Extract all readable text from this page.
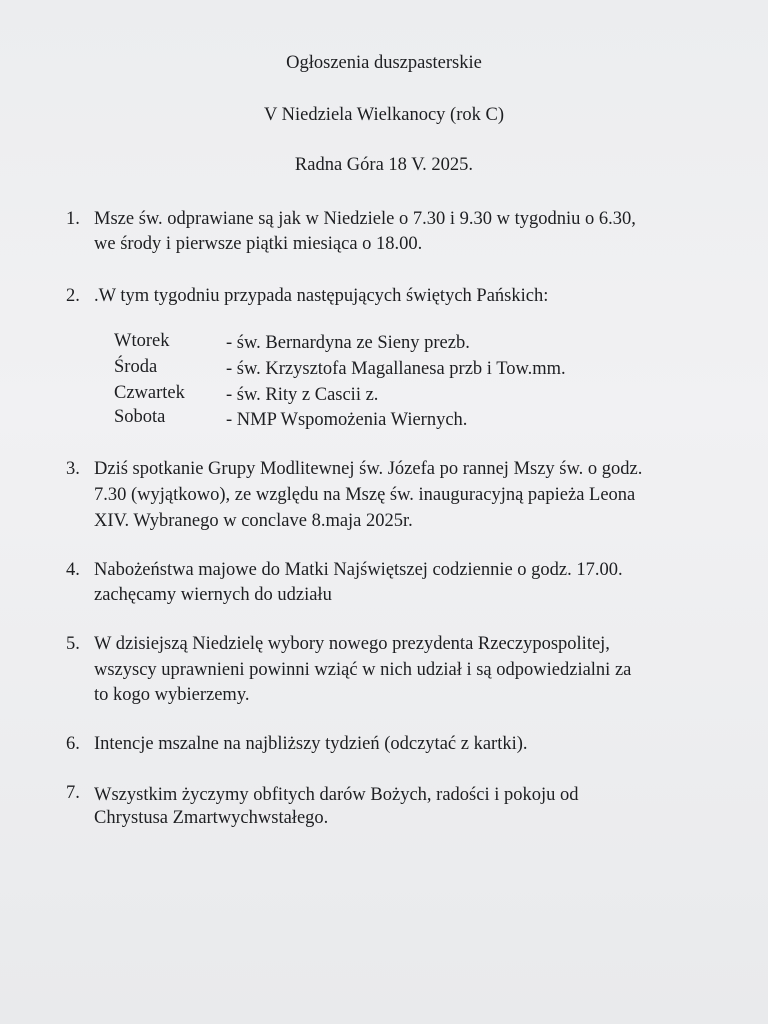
Ogłoszenia duszpasterskie
V Niedziela Wielkanocy (rok C)
Radna Góra 18 V. 2025.
1. Msze św. odprawiane są jak w Niedziele o 7.30 i 9.30 w tygodniu o 6.30,
we środy i pierwsze piątki miesiąca o 18.00.
2. .W tym tygodniu przypada następujących świętych Pańskich:
Wtorek	- św. Bernardyna ze Sieny prezb.
Środa	- św. Krzysztofa Magallanesa przb i Tow.mm.
Czwartek - św. Rity z Cascii z.
Sobota	- NMP Wspomożenia Wiernych.
3. Dziś spotkanie Grupy Modlitewnej św. Józefa po rannej Mszy św. o godz.
7.30 (wyjątkowo), ze względu na Mszę św. inauguracyjną papieża Leona
XIV. Wybranego w conclave 8.maja 2025r.
4. Nabożeństwa majowe do Matki Najświętszej codziennie o godz. 17.00.
zachęcamy wiernych do udziału
5. W dzisiejszą Niedzielę wybory nowego prezydenta Rzeczypospolitej,
wszyscy uprawnieni powinni wziąć w nich udział i są odpowiedzialni za
to kogo wybierzemy.
6. Intencje mszalne na najbliższy tydzień (odczytać z kartki).
7. Wszystkim życzymy obfitych darów Bożych, radości i pokoju od
Chrystusa Zmartwychwstałego.
